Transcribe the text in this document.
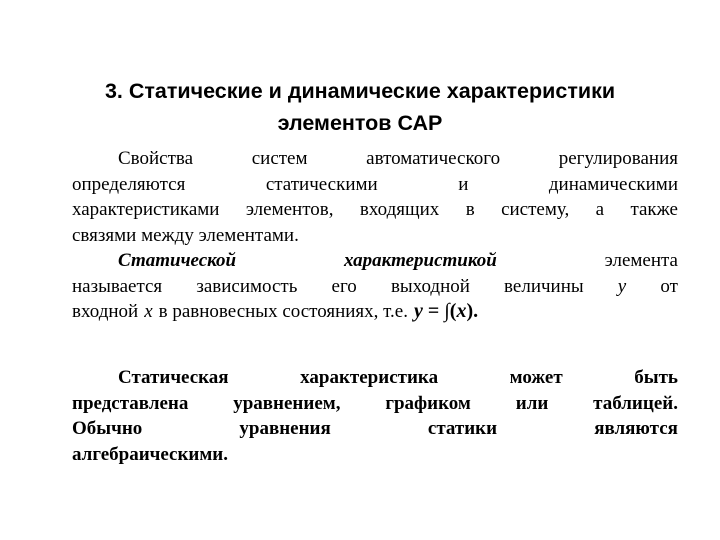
3. Статические и динамические характеристики
элементов САР
Свойства	систем	автоматического	регулирования
определяются	статическими	и	динамическими
характеристиками элементов, входящих в систему, а также
связями между элементами.
Статической	характеристикой	элемента
называется зависимость его выходной величины y от
входной x в равновесных состояниях, т.е. y = ∫(x).
Статическая	характеристика	может	быть
представлена уравнением, графиком или таблицей.
Обычно	уравнения	статики	являются
алгебраическими.
